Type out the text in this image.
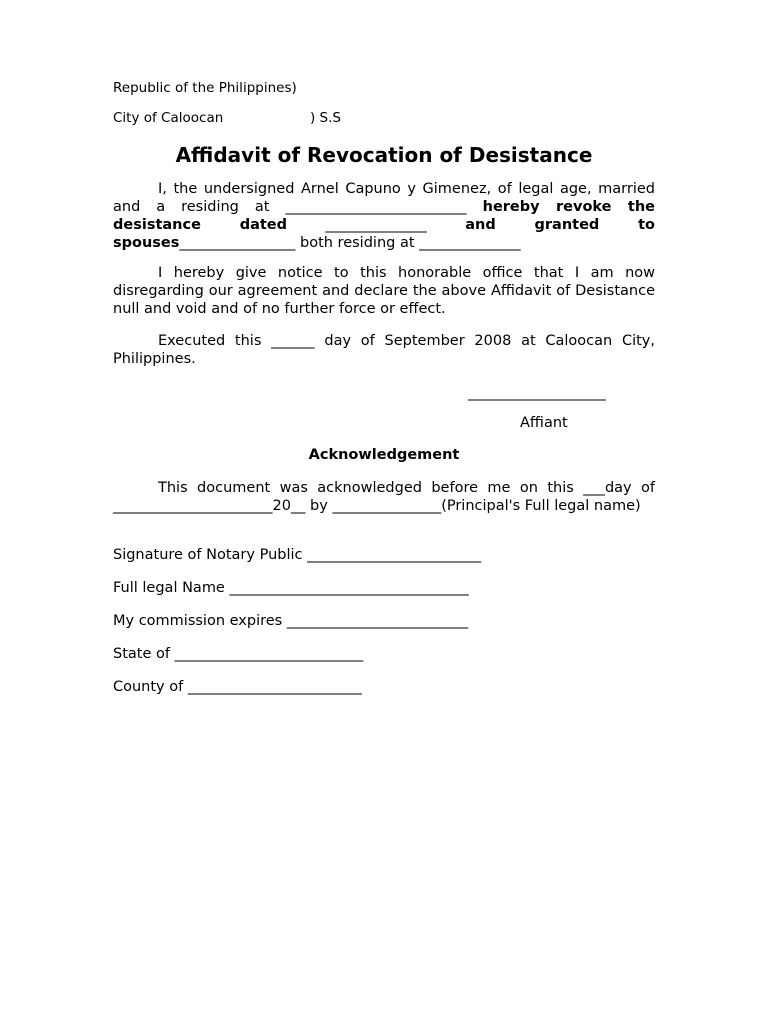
Republic of the Philippines)
City of Caloocan	) S.S
Affidavit of Revocation of Desistance
I, the undersigned Arnel Capuno y Gimenez, of legal age, married and a residing at _________________________ hereby revoke the desistance dated ______________ and granted to spouses________________ both residing at ______________
I hereby give notice to this honorable office that I am now disregarding our agreement and declare the above Affidavit of Desistance null and void and of no further force or effect.
Executed this ______ day of September 2008 at Caloocan City, Philippines.
___________________
Affiant
Acknowledgement
This document was acknowledged before me on this ___day of ______________________20__ by _______________(Principal's Full legal name)
Signature of Notary Public ________________________
Full legal Name _________________________________
My commission expires _________________________
State of __________________________
County of ________________________
